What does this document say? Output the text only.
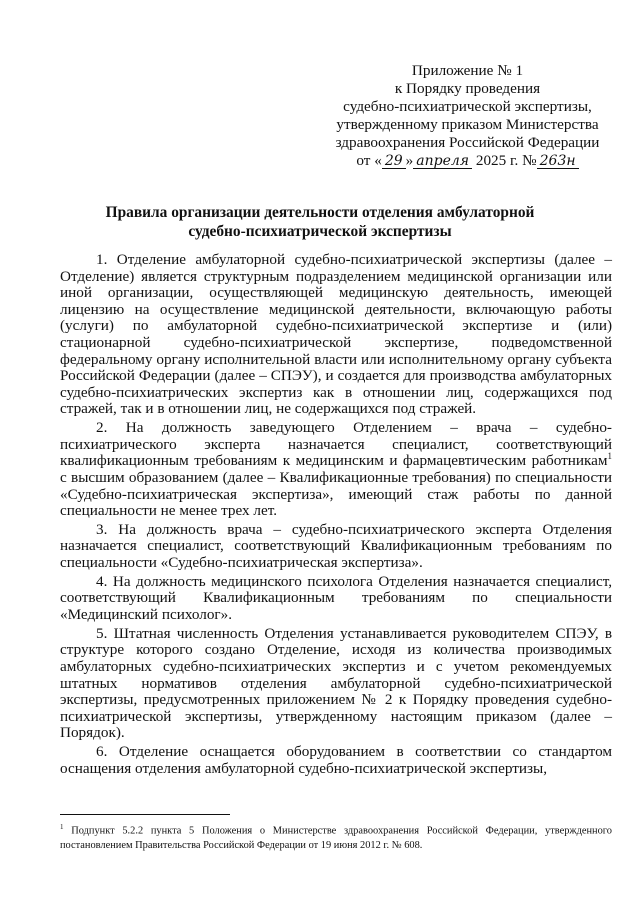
Приложение № 1
к Порядку проведения
судебно-психиатрической экспертизы,
утвержденному приказом Министерства
здравоохранения Российской Федерации
от « 29 » апреля 2025 г. № 263н
Правила организации деятельности отделения амбулаторной
судебно-психиатрической экспертизы

1. Отделение амбулаторной судебно-психиатрической экспертизы (далее – Отделение) является структурным подразделением медицинской организации или иной организации, осуществляющей медицинскую деятельность, имеющей лицензию на осуществление медицинской деятельности, включающую работы (услуги) по амбулаторной судебно-психиатрической экспертизе и (или) стационарной судебно-психиатрической экспертизе, подведомственной федеральному органу исполнительной власти или исполнительному органу субъекта Российской Федерации (далее – СПЭУ), и создается для производства амбулаторных судебно-психиатрических экспертиз как в отношении лиц, содержащихся под стражей, так и в отношении лиц, не содержащихся под стражей.

2. На должность заведующего Отделением – врача – судебно-психиатрического эксперта назначается специалист, соответствующий квалификационным требованиям к медицинским и фармацевтическим работникам$^1$ с высшим образованием (далее – Квалификационные требования) по специальности «Судебно-психиатрическая экспертиза», имеющий стаж работы по данной специальности не менее трех лет.

3. На должность врача – судебно-психиатрического эксперта Отделения назначается специалист, соответствующий Квалификационным требованиям по специальности «Судебно-психиатрическая экспертиза».

4. На должность медицинского психолога Отделения назначается специалист, соответствующий Квалификационным требованиям по специальности «Медицинский психолог».

5. Штатная численность Отделения устанавливается руководителем СПЭУ, в структуре которого создано Отделение, исходя из количества производимых амбулаторных судебно-психиатрических экспертиз и с учетом рекомендуемых штатных нормативов отделения амбулаторной судебно-психиатрической экспертизы, предусмотренных приложением № 2 к Порядку проведения судебно-психиатрической экспертизы, утвержденному настоящим приказом (далее – Порядок).

6. Отделение оснащается оборудованием в соответствии со стандартом оснащения отделения амбулаторной судебно-психиатрической экспертизы,

$^1$ Подпункт 5.2.2 пункта 5 Положения о Министерстве здравоохранения Российской Федерации, утвержденного постановлением Правительства Российской Федерации от 19 июня 2012 г. № 608.
